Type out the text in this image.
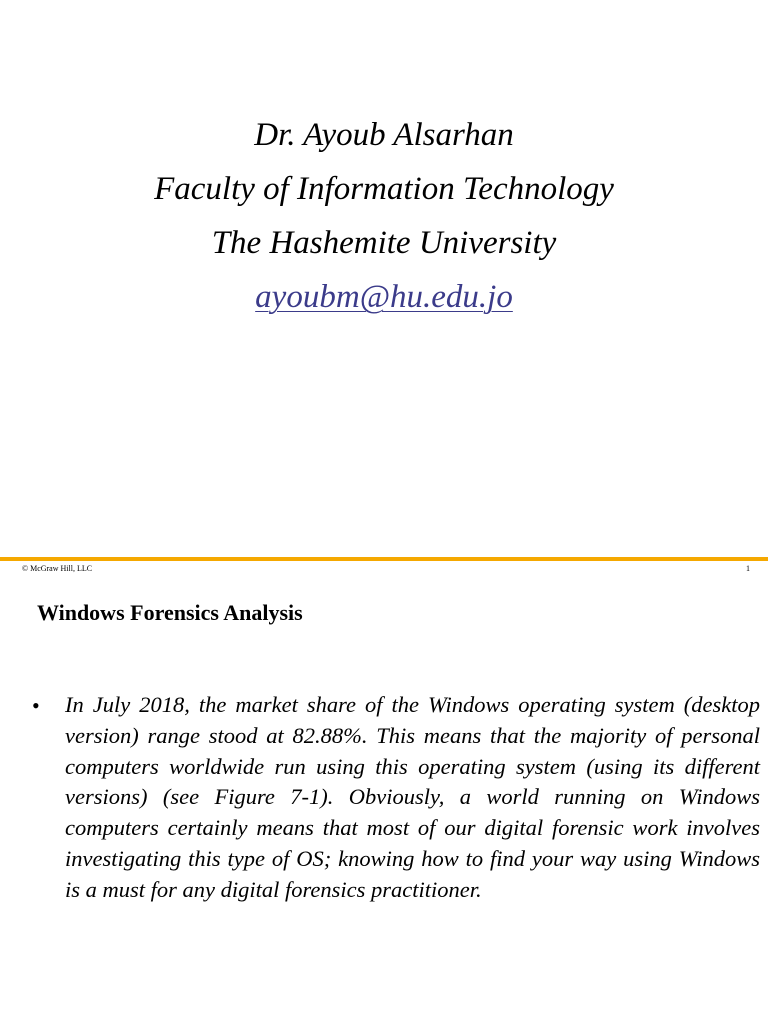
Dr. Ayoub Alsarhan
Faculty of Information Technology
The Hashemite University
ayoubm@hu.edu.jo
© McGraw Hill, LLC	1
Windows Forensics Analysis
• In July 2018, the market share of the Windows operating system (desktop version) range stood at 82.88%. This means that the majority of personal computers worldwide run using this operating system (using its different versions) (see Figure 7-1). Obviously, a world running on Windows computers certainly means that most of our digital forensic work involves investigating this type of OS; knowing how to find your way using Windows is a must for any digital forensics practitioner.
